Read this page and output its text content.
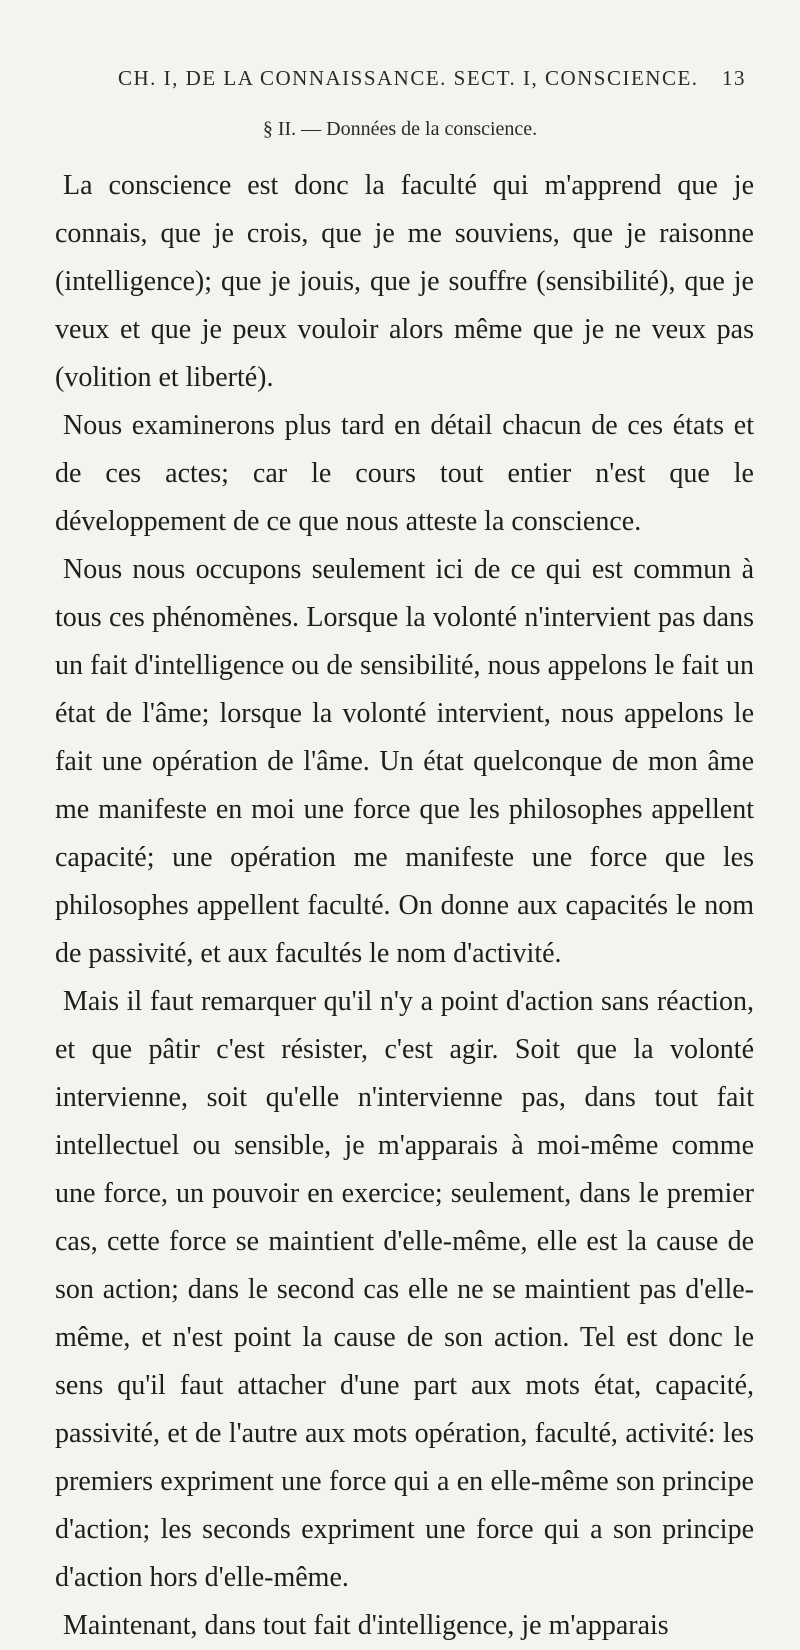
CH. I, DE LA CONNAISSANCE. SECT. I, CONSCIENCE. 13
§ II. — Données de la conscience.

La conscience est donc la faculté qui m'apprend que je connais, que je crois, que je me souviens, que je raisonne (intelligence); que je jouis, que je souffre (sensibilité), que je veux et que je peux vouloir alors même que je ne veux pas (volition et liberté).

Nous examinerons plus tard en détail chacun de ces états et de ces actes; car le cours tout entier n'est que le développement de ce que nous atteste la conscience.

Nous nous occupons seulement ici de ce qui est commun à tous ces phénomènes. Lorsque la volonté n'intervient pas dans un fait d'intelligence ou de sensibilité, nous appelons le fait un état de l'âme; lorsque la volonté intervient, nous appelons le fait une opération de l'âme. Un état quelconque de mon âme me manifeste en moi une force que les philosophes appellent capacité; une opération me manifeste une force que les philosophes appellent faculté. On donne aux capacités le nom de passivité, et aux facultés le nom d'activité.

Mais il faut remarquer qu'il n'y a point d'action sans réaction, et que pâtir c'est résister, c'est agir. Soit que la volonté intervienne, soit qu'elle n'intervienne pas, dans tout fait intellectuel ou sensible, je m'apparais à moi-même comme une force, un pouvoir en exercice; seulement, dans le premier cas, cette force se maintient d'elle-même, elle est la cause de son action; dans le second cas elle ne se maintient pas d'elle-même, et n'est point la cause de son action. Tel est donc le sens qu'il faut attacher d'une part aux mots état, capacité, passivité, et de l'autre aux mots opération, faculté, activité: les premiers expriment une force qui a en elle-même son principe d'action; les seconds expriment une force qui a son principe d'action hors d'elle-même.

Maintenant, dans tout fait d'intelligence, je m'apparais
